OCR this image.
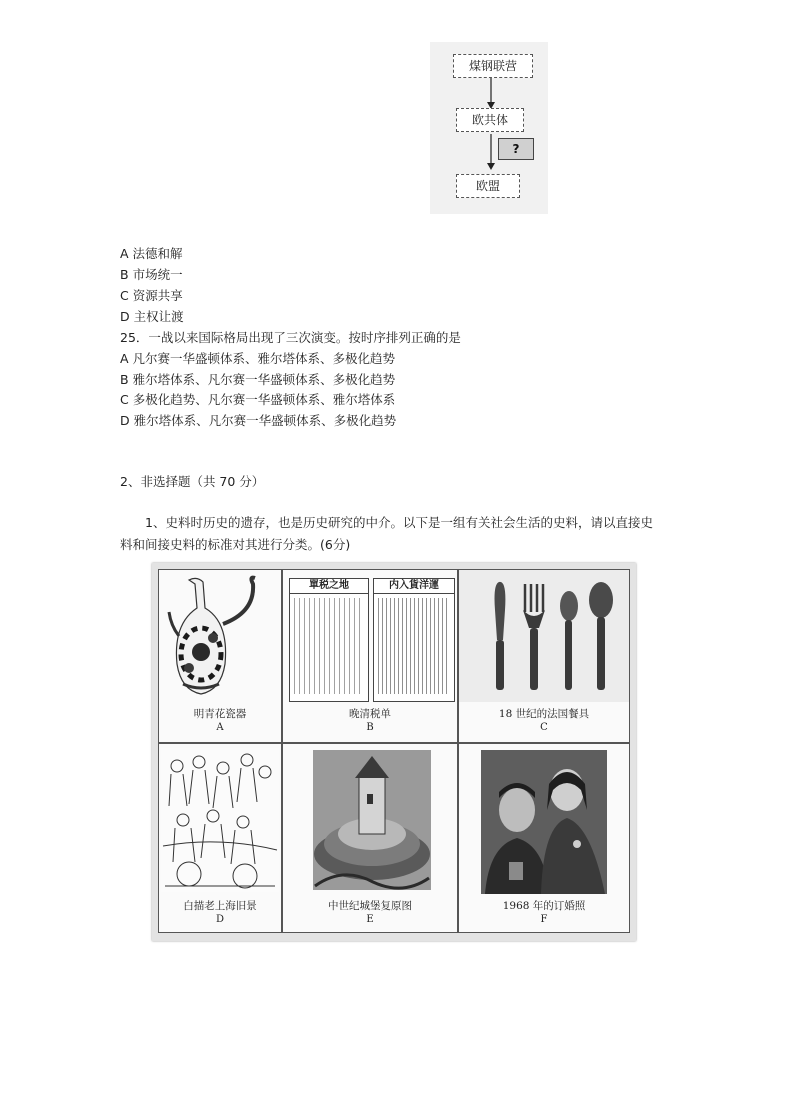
煤钢联营
欧共体
?
欧盟
A 法德和解
B 市场统一
C 资源共享
D 主权让渡
25．一战以来国际格局出现了三次演变。按时序排列正确的是
A 凡尔赛一华盛顿体系、雅尔塔体系、多极化趋势
B 雅尔塔体系、凡尔赛一华盛顿体系、多极化趋势
C 多极化趋势、凡尔赛一华盛顿体系、雅尔塔体系
D 雅尔塔体系、凡尔赛一华盛顿体系、多极化趋势
2、非选择题（共 70 分）
1、史料时历史的遗存，也是历史研究的中介。以下是一组有关社会生活的史料，请以直接史料和间接史料的标准对其进行分类。(6分)
明青花瓷器
A
單税之地	内入貨洋運
晚清税单
B
18 世纪的法国餐具
C
白描老上海旧景
D
中世纪城堡复原图
E
1968 年的订婚照
F
